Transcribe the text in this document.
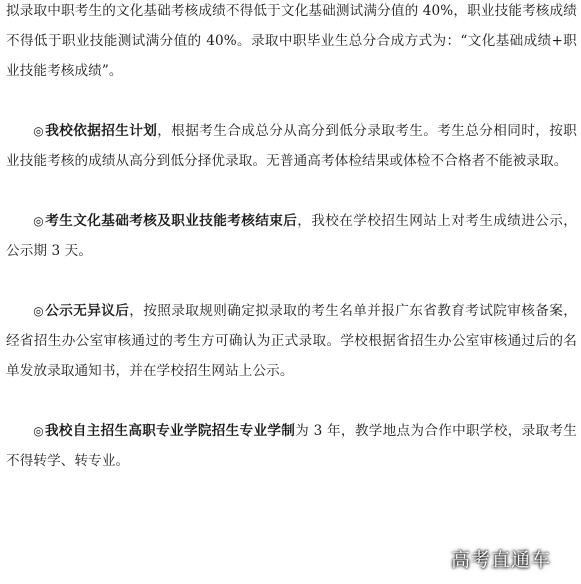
拟录取中职考生的文化基础考核成绩不得低于文化基础测试满分值的 40%，职业技能考核成绩不得低于职业技能测试满分值的 40%。录取中职毕业生总分合成方式为：“文化基础成绩+职业技能考核成绩”。

◎我校依据招生计划，根据考生合成总分从高分到低分录取考生。考生总分相同时，按职业技能考核的成绩从高分到低分择优录取。无普通高考体检结果或体检不合格者不能被录取。

◎考生文化基础考核及职业技能考核结束后，我校在学校招生网站上对考生成绩进公示，公示期 3 天。

◎公示无异议后，按照录取规则确定拟录取的考生名单并报广东省教育考试院审核备案，经省招生办公室审核通过的考生方可确认为正式录取。学校根据省招生办公室审核通过后的名单发放录取通知书，并在学校招生网站上公示。

◎我校自主招生高职专业学院招生专业学制为 3 年，教学地点为合作中职学校，录取考生不得转学、转专业。

高考直通车
